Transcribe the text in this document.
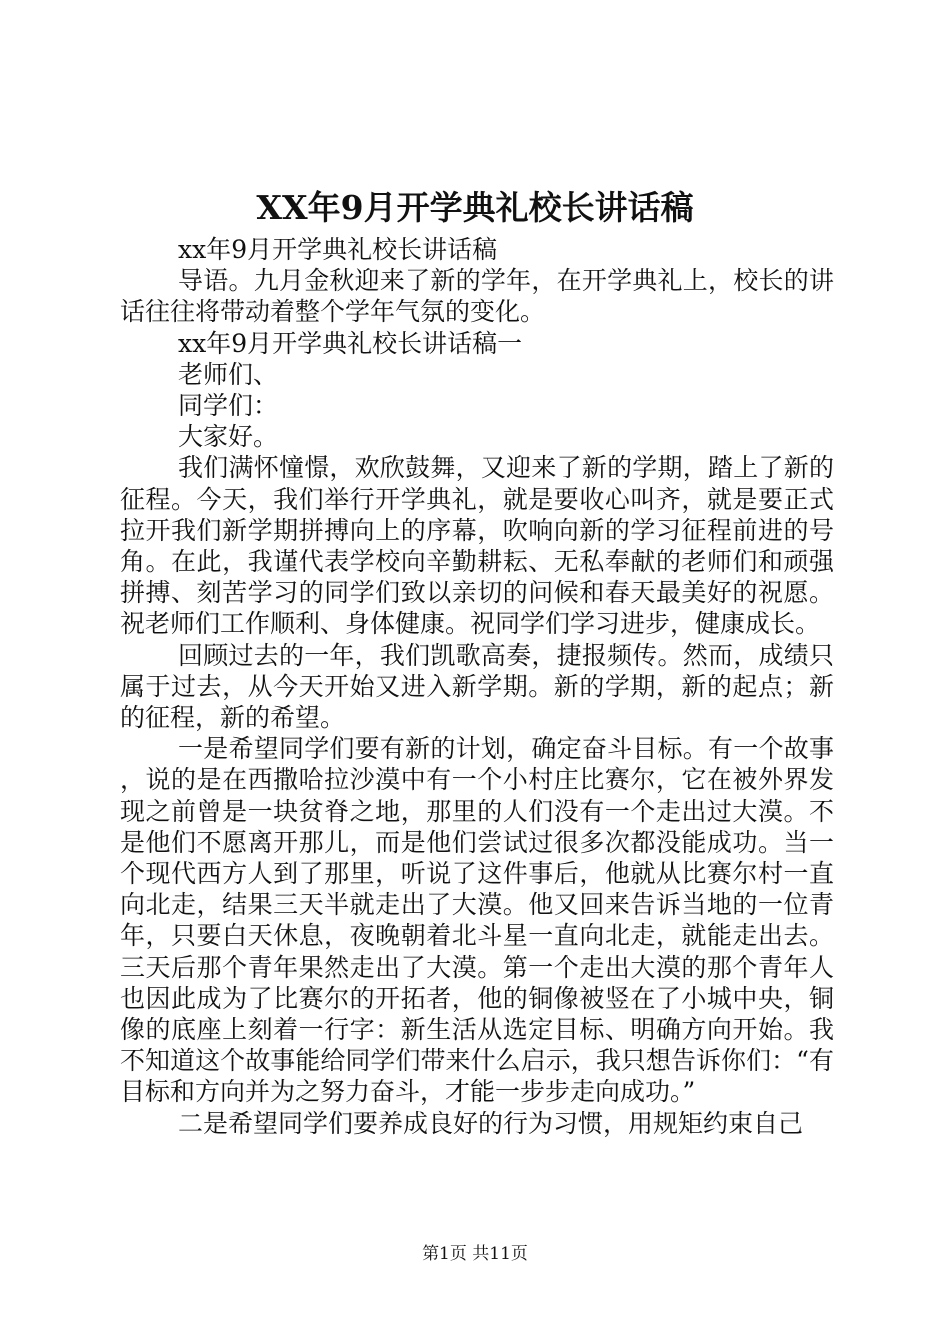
XX年9月开学典礼校长讲话稿

xx年9月开学典礼校长讲话稿

导语。九月金秋迎来了新的学年，在开学典礼上，校长的讲话往往将带动着整个学年气氛的变化。

xx年9月开学典礼校长讲话稿一

老师们、

同学们：

大家好。

我们满怀憧憬，欢欣鼓舞，又迎来了新的学期，踏上了新的征程。今天，我们举行开学典礼，就是要收心叫齐，就是要正式拉开我们新学期拼搏向上的序幕，吹响向新的学习征程前进的号角。在此，我谨代表学校向辛勤耕耘、无私奉献的老师们和顽强拼搏、刻苦学习的同学们致以亲切的问候和春天最美好的祝愿。祝老师们工作顺利、身体健康。祝同学们学习进步，健康成长。

回顾过去的一年，我们凯歌高奏，捷报频传。然而，成绩只属于过去，从今天开始又进入新学期。新的学期，新的起点；新的征程，新的希望。

一是希望同学们要有新的计划，确定奋斗目标。有一个故事，说的是在西撒哈拉沙漠中有一个小村庄比赛尔，它在被外界发现之前曾是一块贫脊之地，那里的人们没有一个走出过大漠。不是他们不愿离开那儿，而是他们尝试过很多次都没能成功。当一个现代西方人到了那里，听说了这件事后，他就从比赛尔村一直向北走，结果三天半就走出了大漠。他又回来告诉当地的一位青年，只要白天休息，夜晚朝着北斗星一直向北走，就能走出去。三天后那个青年果然走出了大漠。第一个走出大漠的那个青年人也因此成为了比赛尔的开拓者，他的铜像被竖在了小城中央，铜像的底座上刻着一行字：新生活从选定目标、明确方向开始。我不知道这个故事能给同学们带来什么启示，我只想告诉你们：“有目标和方向并为之努力奋斗，才能一步步走向成功。”

二是希望同学们要养成良好的行为习惯，用规矩约束自己

第1页 共11页
